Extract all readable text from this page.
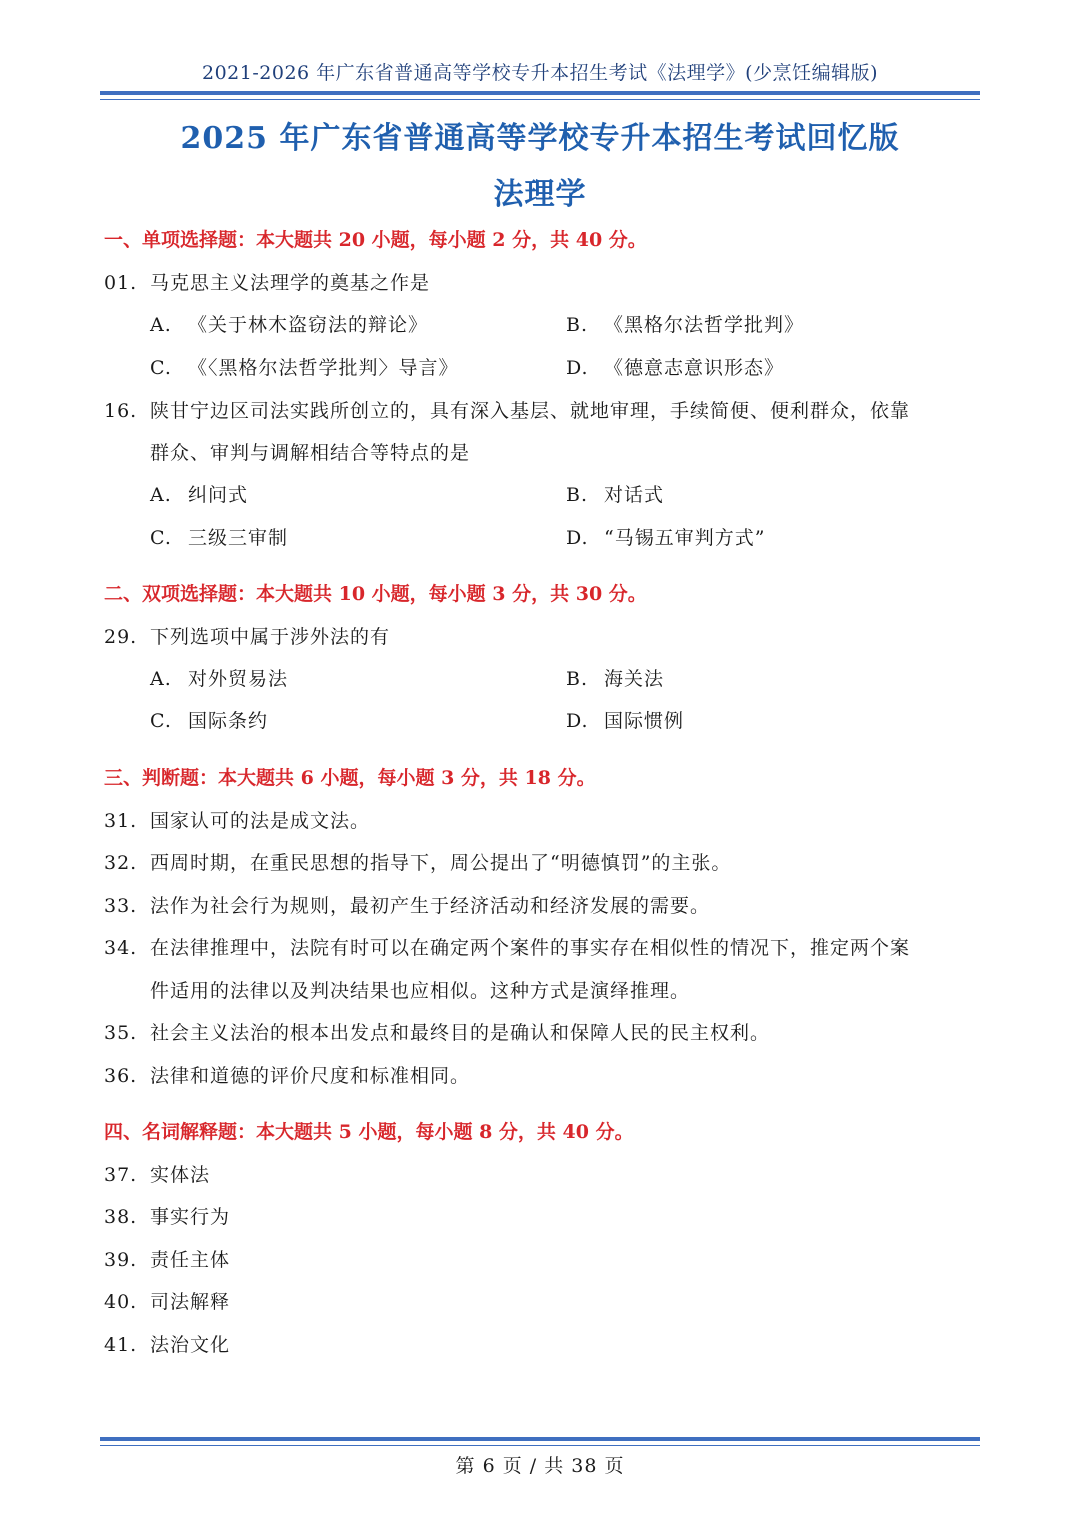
2021-2026 年广东省普通高等学校专升本招生考试《法理学》(少烹饪编辑版)
2025 年广东省普通高等学校专升本招生考试回忆版
法理学
一、单项选择题：本大题共 20 小题，每小题 2 分，共 40 分。
01. 马克思主义法理学的奠基之作是
A. 《关于林木盗窃法的辩论》	B. 《黑格尔法哲学批判》
C. 《〈黑格尔法哲学批判〉导言》	D. 《德意志意识形态》
16. 陕甘宁边区司法实践所创立的，具有深入基层、就地审理，手续简便、便利群众，依靠
群众、审判与调解相结合等特点的是
A. 纠问式	B. 对话式
C. 三级三审制	D. “马锡五审判方式”
二、双项选择题：本大题共 10 小题，每小题 3 分，共 30 分。
29. 下列选项中属于涉外法的有
A. 对外贸易法	B. 海关法
C. 国际条约	D. 国际惯例
三、判断题：本大题共 6 小题，每小题 3 分，共 18 分。
31. 国家认可的法是成文法。
32. 西周时期，在重民思想的指导下，周公提出了“明德慎罚”的主张。
33. 法作为社会行为规则，最初产生于经济活动和经济发展的需要。
34. 在法律推理中，法院有时可以在确定两个案件的事实存在相似性的情况下，推定两个案
件适用的法律以及判决结果也应相似。这种方式是演绎推理。
35. 社会主义法治的根本出发点和最终目的是确认和保障人民的民主权利。
36. 法律和道德的评价尺度和标准相同。
四、名词解释题：本大题共 5 小题，每小题 8 分，共 40 分。
37. 实体法
38. 事实行为
39. 责任主体
40. 司法解释
41. 法治文化
第 6 页 / 共 38 页
